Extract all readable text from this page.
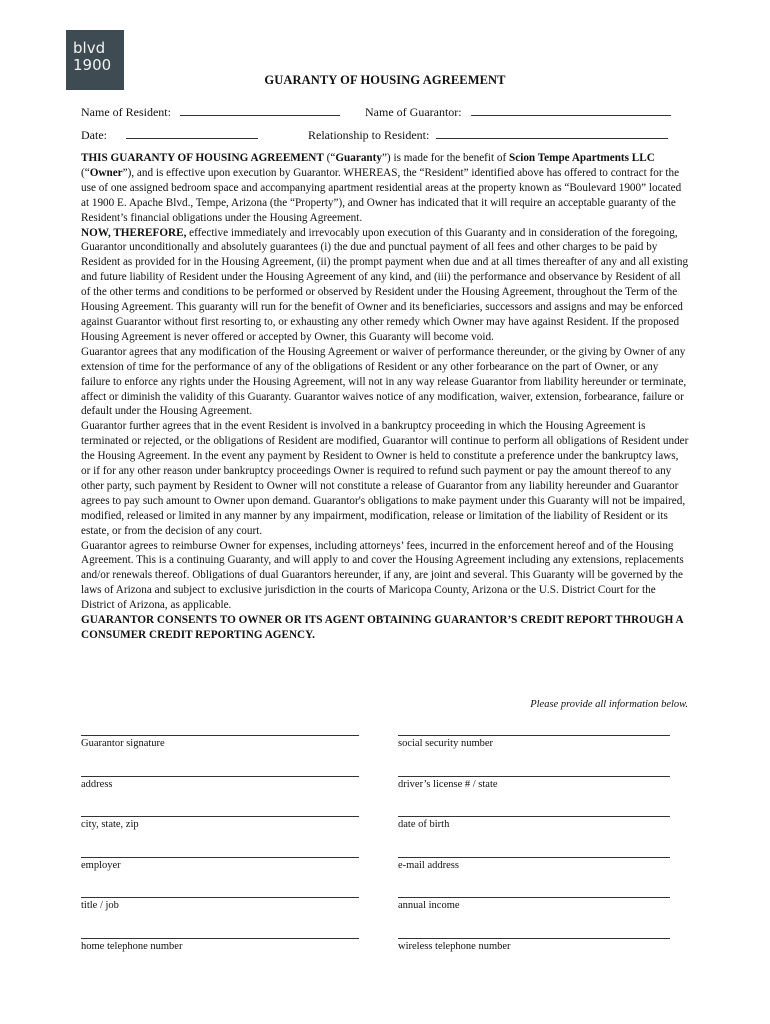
blvd
1900
GUARANTY OF HOUSING AGREEMENT
Name of Resident:	Name of Guarantor:
Date:	Relationship to Resident:

THIS GUARANTY OF HOUSING AGREEMENT (“Guaranty”) is made for the benefit of Scion Tempe Apartments LLC (“Owner”), and is effective upon execution by Guarantor. WHEREAS, the “Resident” identified above has offered to contract for the use of one assigned bedroom space and accompanying apartment residential areas at the property known as “Boulevard 1900” located at 1900 E. Apache Blvd., Tempe, Arizona (the “Property”), and Owner has indicated that it will require an acceptable guaranty of the Resident’s financial obligations under the Housing Agreement.

NOW, THEREFORE, effective immediately and irrevocably upon execution of this Guaranty and in consideration of the foregoing, Guarantor unconditionally and absolutely guarantees (i) the due and punctual payment of all fees and other charges to be paid by Resident as provided for in the Housing Agreement, (ii) the prompt payment when due and at all times thereafter of any and all existing and future liability of Resident under the Housing Agreement of any kind, and (iii) the performance and observance by Resident of all of the other terms and conditions to be performed or observed by Resident under the Housing Agreement, throughout the Term of the Housing Agreement. This guaranty will run for the benefit of Owner and its beneficiaries, successors and assigns and may be enforced against Guarantor without first resorting to, or exhausting any other remedy which Owner may have against Resident. If the proposed Housing Agreement is never offered or accepted by Owner, this Guaranty will become void.

Guarantor agrees that any modification of the Housing Agreement or waiver of performance thereunder, or the giving by Owner of any extension of time for the performance of any of the obligations of Resident or any other forbearance on the part of Owner, or any failure to enforce any rights under the Housing Agreement, will not in any way release Guarantor from liability hereunder or terminate, affect or diminish the validity of this Guaranty. Guarantor waives notice of any modification, waiver, extension, forbearance, failure or default under the Housing Agreement.

Guarantor further agrees that in the event Resident is involved in a bankruptcy proceeding in which the Housing Agreement is terminated or rejected, or the obligations of Resident are modified, Guarantor will continue to perform all obligations of Resident under the Housing Agreement. In the event any payment by Resident to Owner is held to constitute a preference under the bankruptcy laws, or if for any other reason under bankruptcy proceedings Owner is required to refund such payment or pay the amount thereof to any other party, such payment by Resident to Owner will not constitute a release of Guarantor from any liability hereunder and Guarantor agrees to pay such amount to Owner upon demand. Guarantor's obligations to make payment under this Guaranty will not be impaired, modified, released or limited in any manner by any impairment, modification, release or limitation of the liability of Resident or its estate, or from the decision of any court.

Guarantor agrees to reimburse Owner for expenses, including attorneys’ fees, incurred in the enforcement hereof and of the Housing Agreement. This is a continuing Guaranty, and will apply to and cover the Housing Agreement including any extensions, replacements and/or renewals thereof. Obligations of dual Guarantors hereunder, if any, are joint and several. This Guaranty will be governed by the laws of Arizona and subject to exclusive jurisdiction in the courts of Maricopa County, Arizona or the U.S. District Court for the District of Arizona, as applicable.

GUARANTOR CONSENTS TO OWNER OR ITS AGENT OBTAINING GUARANTOR’S CREDIT REPORT THROUGH A CONSUMER CREDIT REPORTING AGENCY.

Please provide all information below.
Guarantor signature
address
city, state, zip
employer
title / job
home telephone number
social security number
driver’s license # / state
date of birth
e-mail address
annual income
wireless telephone number
